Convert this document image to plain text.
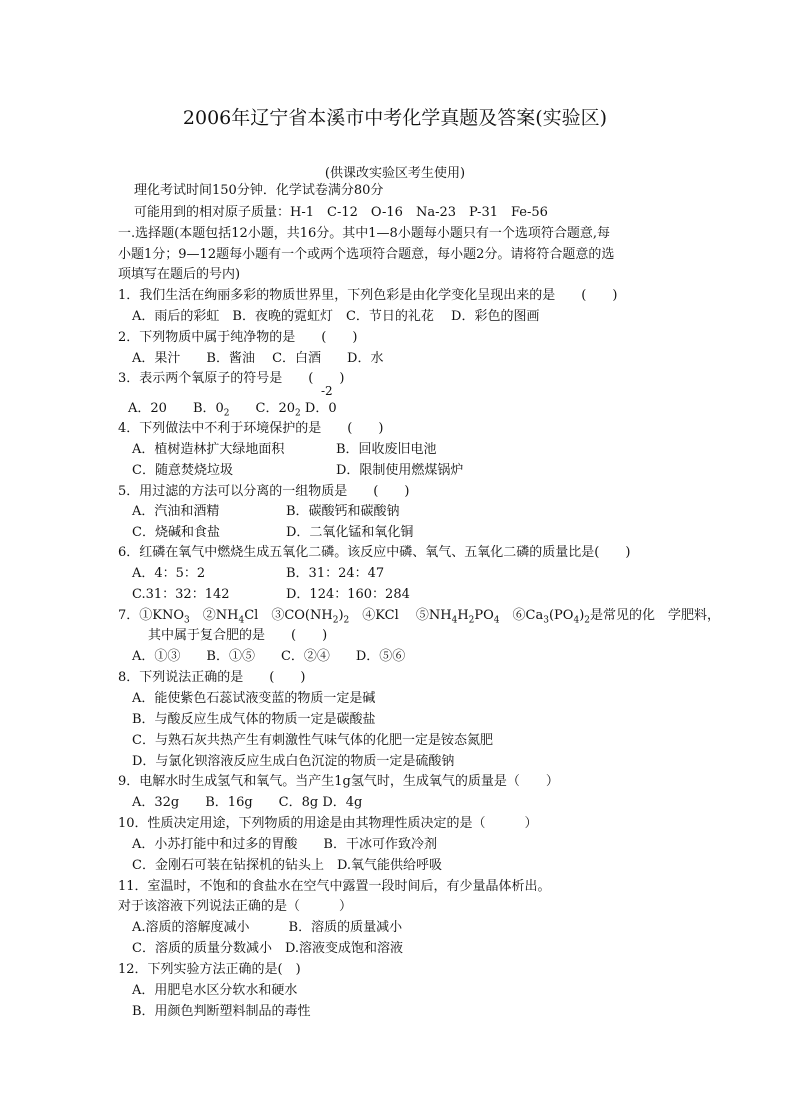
2006年辽宁省本溪市中考化学真题及答案(实验区)
(供课改实验区考生使用)
理化考试时间150分钟．化学试卷满分80分
可能用到的相对原子质量：H-1　C-12　O-16　Na-23　P-31　Fe-56
一.选择题(本题包括12小题，共16分。其中1—8小题每小题只有一个选项符合题意,每
小题1分；9—12题每小题有一个或两个选项符合题意，每小题2分。请将符合题意的选
项填写在题后的号内)
1．我们生活在绚丽多彩的物质世界里，下列色彩是由化学变化呈现出来的是　　(　　)
A．雨后的彩虹　B．夜晚的霓虹灯　C．节日的礼花　 D．彩色的图画
2．下列物质中属于纯净物的是　　(　　)
A．果汁　　B．酱油　 C．白酒　　D．水
3．表示两个氧原子的符号是　　(　　)
-2
A．20　　 B．$0_2$　　 C．$20_2$ D．0
4．下列做法中不利于环境保护的是　　(　　)
A．植树造林扩大绿地面积	B．回收废旧电池
C．随意焚烧垃圾	D．限制使用燃煤锅炉
5．用过滤的方法可以分离的一组物质是　　(　　)
A．汽油和酒精	B．碳酸钙和碳酸钠
C．烧碱和食盐	D．二氧化锰和氧化铜
6．红磷在氧气中燃烧生成五氧化二磷。该反应中磷、氧气、五氧化二磷的质量比是(　　)
A．4：5：2	B．31：24：47
C.31：32：142	D．124：160：284
7．$①KNO_3$　$②NH_4Cl$　$③CO(NH_2)_2$　④KCl　 $⑤NH_4H_2PO_4$　$⑥Ca_3(PO_4)_2$是常见的化　学肥料，
其中属于复合肥的是　　(　　)
A．①③　　B．①⑤　　C．②④　　D．⑤⑥
8．下列说法正确的是　　(　　)
A．能使紫色石蕊试液变蓝的物质一定是碱
B．与酸反应生成气体的物质一定是碳酸盐
C．与熟石灰共热产生有刺激性气味气体的化肥一定是铵态氮肥
D．与氯化钡溶液反应生成白色沉淀的物质一定是硫酸钠
9．电解水时生成氢气和氧气。当产生1g氢气时，生成氧气的质量是（　　）
A．32g　　B．16g　　C．8g D．4g
10．性质决定用途，下列物质的用途是由其物理性质决定的是（　　　）
A．小苏打能中和过多的胃酸　　B．干冰可作致冷剂
C．金刚石可装在钻探机的钻头上　D.氧气能供给呼吸
11．室温时，不饱和的食盐水在空气中露置一段时间后，有少量晶体析出。
对于该溶液下列说法正确的是（　　　）
A.溶质的溶解度减小　　　B．溶质的质量减小
C．溶质的质量分数减小　D.溶液变成饱和溶液
12．下列实验方法正确的是(　)
A．用肥皂水区分软水和硬水
B．用颜色判断塑料制品的毒性
